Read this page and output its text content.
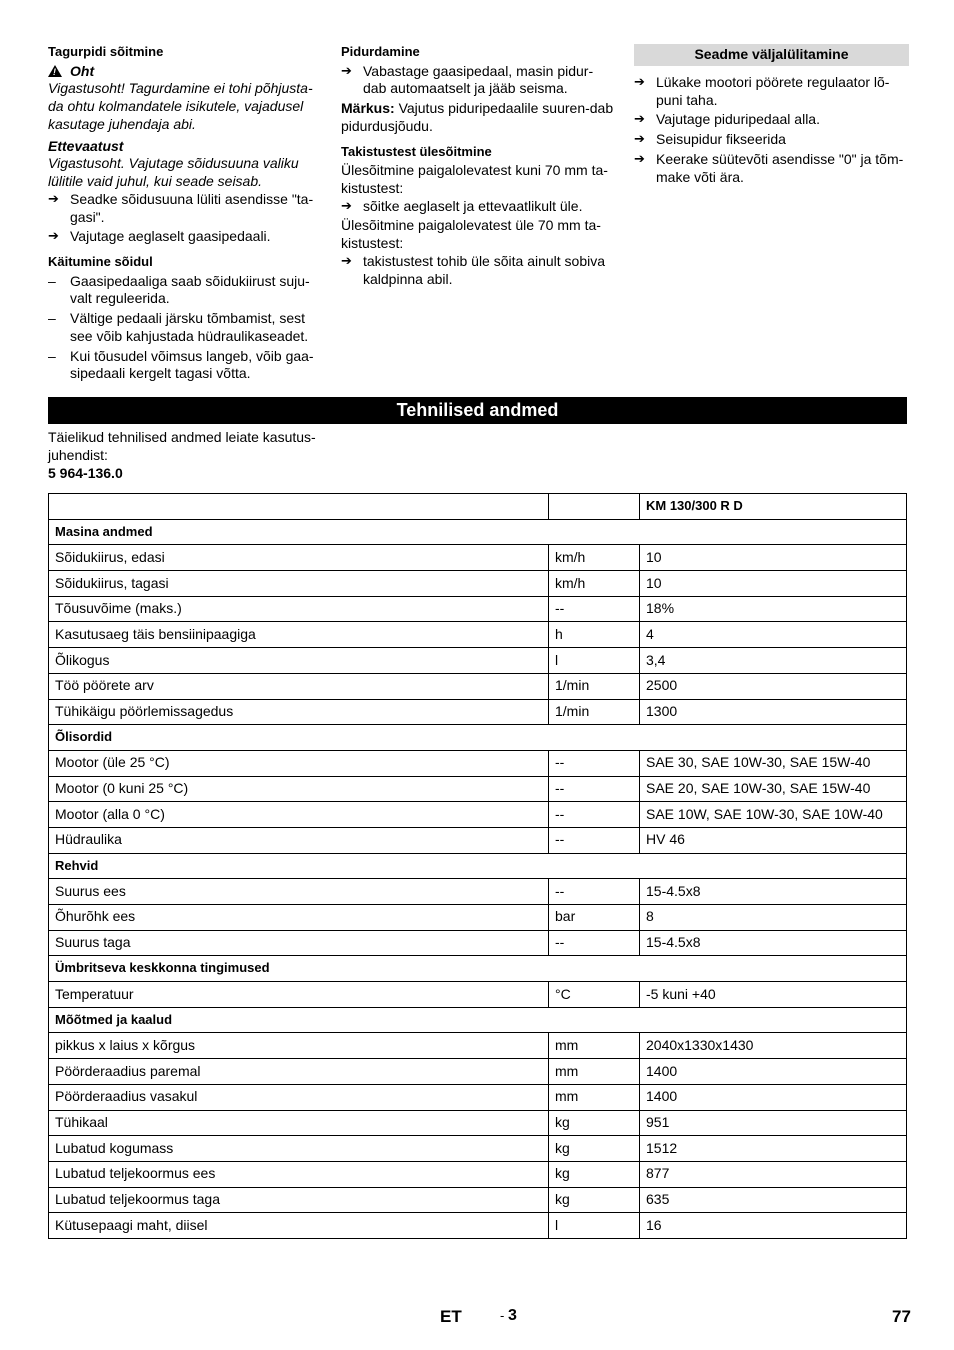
Tagurpidi sõitmine
!Oht
Vigastusoht! Tagurdamine ei tohi põhjusta-da ohtu kolmandatele isikutele, vajadusel kasutage juhendaja abi.
Ettevaatust
Vigastusoht. Vajutage sõidusuuna valiku lülitile vaid juhul, kui seade seisab.
➔ Seadke sõidusuuna lüliti asendisse "ta-gasi".
➔ Vajutage aeglaselt gaasipedaali.
Käitumine sõidul
–	Gaasipedaaliga saab sõidukiirust suju-valt reguleerida.
–	Vältige pedaali järsku tõmbamist, sest see võib kahjustada hüdraulikaseadet.
–	Kui tõusudel võimsus langeb, võib gaa-sipedaali kergelt tagasi võtta.
Pidurdamine
➔ Vabastage gaasipedaal, masin pidur-dab automaatselt ja jääb seisma.
Märkus: Vajutus piduripedaalile suuren-dab pidurdusjõudu.
Takistustest ülesõitmine
Ülesõitmine paigalolevatest kuni 70 mm ta-kistustest:
➔ sõitke aeglaselt ja ettevaatlikult üle.
Ülesõitmine paigalolevatest üle 70 mm ta-kistustest:
➔ takistustest tohib üle sõita ainult sobiva kaldpinna abil.
Seadme väljalülitamine
➔ Lükake mootori pöörete regulaator lõ-puni taha.
➔ Vajutage piduripedaal alla.
➔ Seisupidur fikseerida
➔ Keerake süütevõti asendisse "0" ja tõm-make võti ära.
Tehnilised andmed
Täielikud tehnilised andmed leiate kasutus-juhendist:
5 964-136.0
		KM 130/300 R D
Masina andmed		
Sõidukiirus, edasi	km/h	10
Sõidukiirus, tagasi	km/h	10
Tõusuvõime (maks.)	--	18%
Kasutusaeg täis bensiinipaagiga	h	4
Õlikogus	l	3,4
Töö pöörete arv	1/min	2500
Tühikäigu pöörlemissagedus	1/min	1300
Õlisordid		
Mootor (üle 25 °C)	--	SAE 30, SAE 10W-30, SAE 15W-40
Mootor (0 kuni 25 °C)	--	SAE 20, SAE 10W-30, SAE 15W-40
Mootor (alla 0 °C)	--	SAE 10W, SAE 10W-30, SAE 10W-40
Hüdraulika	--	HV 46
Rehvid		
Suurus ees	--	15-4.5x8
Õhurõhk ees	bar	8
Suurus taga	--	15-4.5x8
Ümbritseva keskkonna tingimused		
Temperatuur	°C	-5 kuni +40
Mõõtmed ja kaalud		
pikkus x laius x kõrgus	mm	2040x1330x1430
Pöörderaadius paremal	mm	1400
Pöörderaadius vasakul	mm	1400
Tühikaal	kg	951
Lubatud kogumass	kg	1512
Lubatud teljekoormus ees	kg	877
Lubatud teljekoormus taga	kg	635
Kütusepaagi maht, diisel	l	16
ET	- 3	77
